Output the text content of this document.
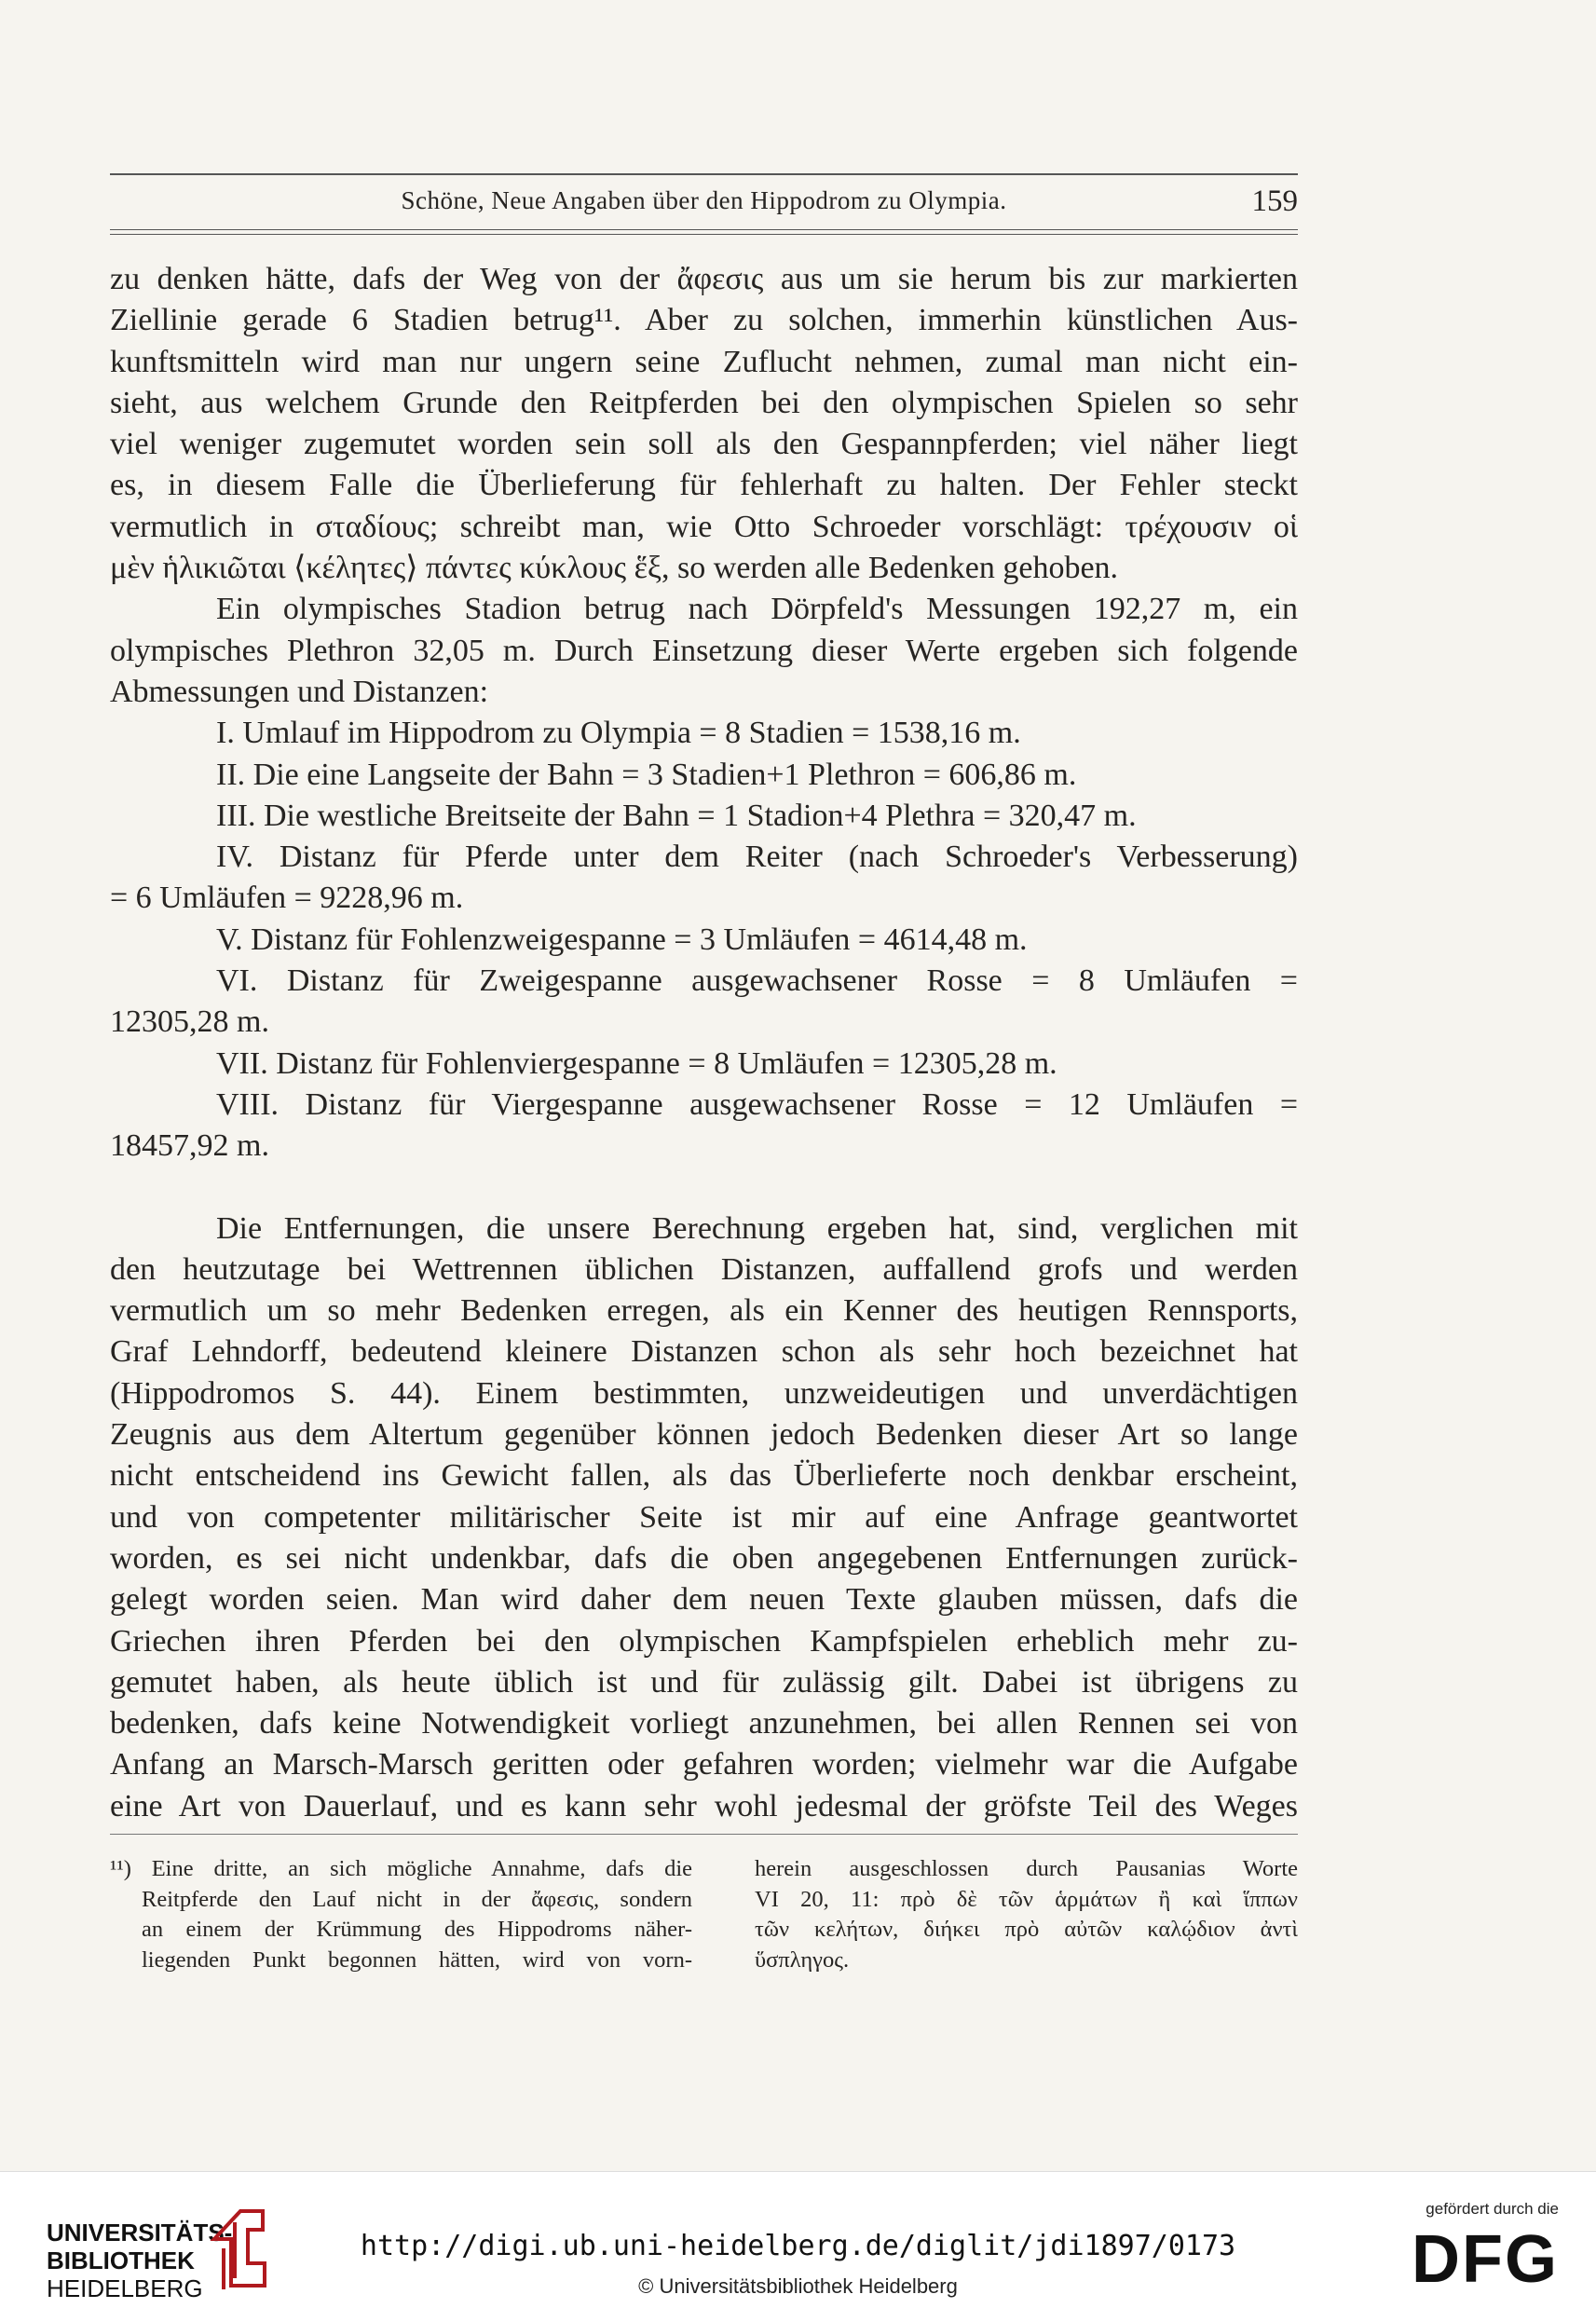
Schöne, Neue Angaben über den Hippodrom zu Olympia.	159
zu denken hätte, dafs der Weg von der ἄφεσις aus um sie herum bis zur markierten
Ziellinie gerade 6 Stadien betrug¹¹. Aber zu solchen, immerhin künstlichen Aus-
kunftsmitteln wird man nur ungern seine Zuflucht nehmen, zumal man nicht ein-
sieht, aus welchem Grunde den Reitpferden bei den olympischen Spielen so sehr
viel weniger zugemutet worden sein soll als den Gespannpferden; viel näher liegt
es, in diesem Falle die Überlieferung für fehlerhaft zu halten. Der Fehler steckt
vermutlich in σταδίους; schreibt man, wie Otto Schroeder vorschlägt: τρέχουσιν οἱ
μὲν ἡλικιῶται ⟨κέλητες⟩ πάντες κύκλους ἕξ, so werden alle Bedenken gehoben.
Ein olympisches Stadion betrug nach Dörpfeld's Messungen 192,27 m, ein
olympisches Plethron 32,05 m. Durch Einsetzung dieser Werte ergeben sich folgende
Abmessungen und Distanzen:
I. Umlauf im Hippodrom zu Olympia = 8 Stadien = 1538,16 m.
II. Die eine Langseite der Bahn = 3 Stadien+1 Plethron = 606,86 m.
III. Die westliche Breitseite der Bahn = 1 Stadion+4 Plethra = 320,47 m.
IV. Distanz für Pferde unter dem Reiter (nach Schroeder's Verbesserung)
= 6 Umläufen = 9228,96 m.
V. Distanz für Fohlenzweigespanne = 3 Umläufen = 4614,48 m.
VI. Distanz für Zweigespanne ausgewachsener Rosse = 8 Umläufen =
12305,28 m.
VII. Distanz für Fohlenviergespanne = 8 Umläufen = 12305,28 m.
VIII. Distanz für Viergespanne ausgewachsener Rosse = 12 Umläufen =
18457,92 m.
Die Entfernungen, die unsere Berechnung ergeben hat, sind, verglichen mit
den heutzutage bei Wettrennen üblichen Distanzen, auffallend grofs und werden
vermutlich um so mehr Bedenken erregen, als ein Kenner des heutigen Rennsports,
Graf Lehndorff, bedeutend kleinere Distanzen schon als sehr hoch bezeichnet hat
(Hippodromos S. 44). Einem bestimmten, unzweideutigen und unverdächtigen
Zeugnis aus dem Altertum gegenüber können jedoch Bedenken dieser Art so lange
nicht entscheidend ins Gewicht fallen, als das Überlieferte noch denkbar erscheint,
und von competenter militärischer Seite ist mir auf eine Anfrage geantwortet
worden, es sei nicht undenkbar, dafs die oben angegebenen Entfernungen zurück-
gelegt worden seien. Man wird daher dem neuen Texte glauben müssen, dafs die
Griechen ihren Pferden bei den olympischen Kampfspielen erheblich mehr zu-
gemutet haben, als heute üblich ist und für zulässig gilt. Dabei ist übrigens zu
bedenken, dafs keine Notwendigkeit vorliegt anzunehmen, bei allen Rennen sei von
Anfang an Marsch-Marsch geritten oder gefahren worden; vielmehr war die Aufgabe
eine Art von Dauerlauf, und es kann sehr wohl jedesmal der gröfste Teil des Weges
¹¹) Eine dritte, an sich mögliche Annahme, dafs die
Reitpferde den Lauf nicht in der ἄφεσις, sondern
an einem der Krümmung des Hippodroms näher-
liegenden Punkt begonnen hätten, wird von vorn-
herein ausgeschlossen durch Pausanias Worte
VI 20, 11: πρὸ δὲ τῶν ἁρμάτων ἢ καὶ ἵππων
τῶν κελήτων, διήκει πρὸ αὐτῶν καλῴδιον ἀντὶ
ὕσπληγος.
UNIVERSITÄTS-
BIBLIOTHEK
HEIDELBERG
http://digi.ub.uni-heidelberg.de/diglit/jdi1897/0173
© Universitätsbibliothek Heidelberg
gefördert durch die
DFG
